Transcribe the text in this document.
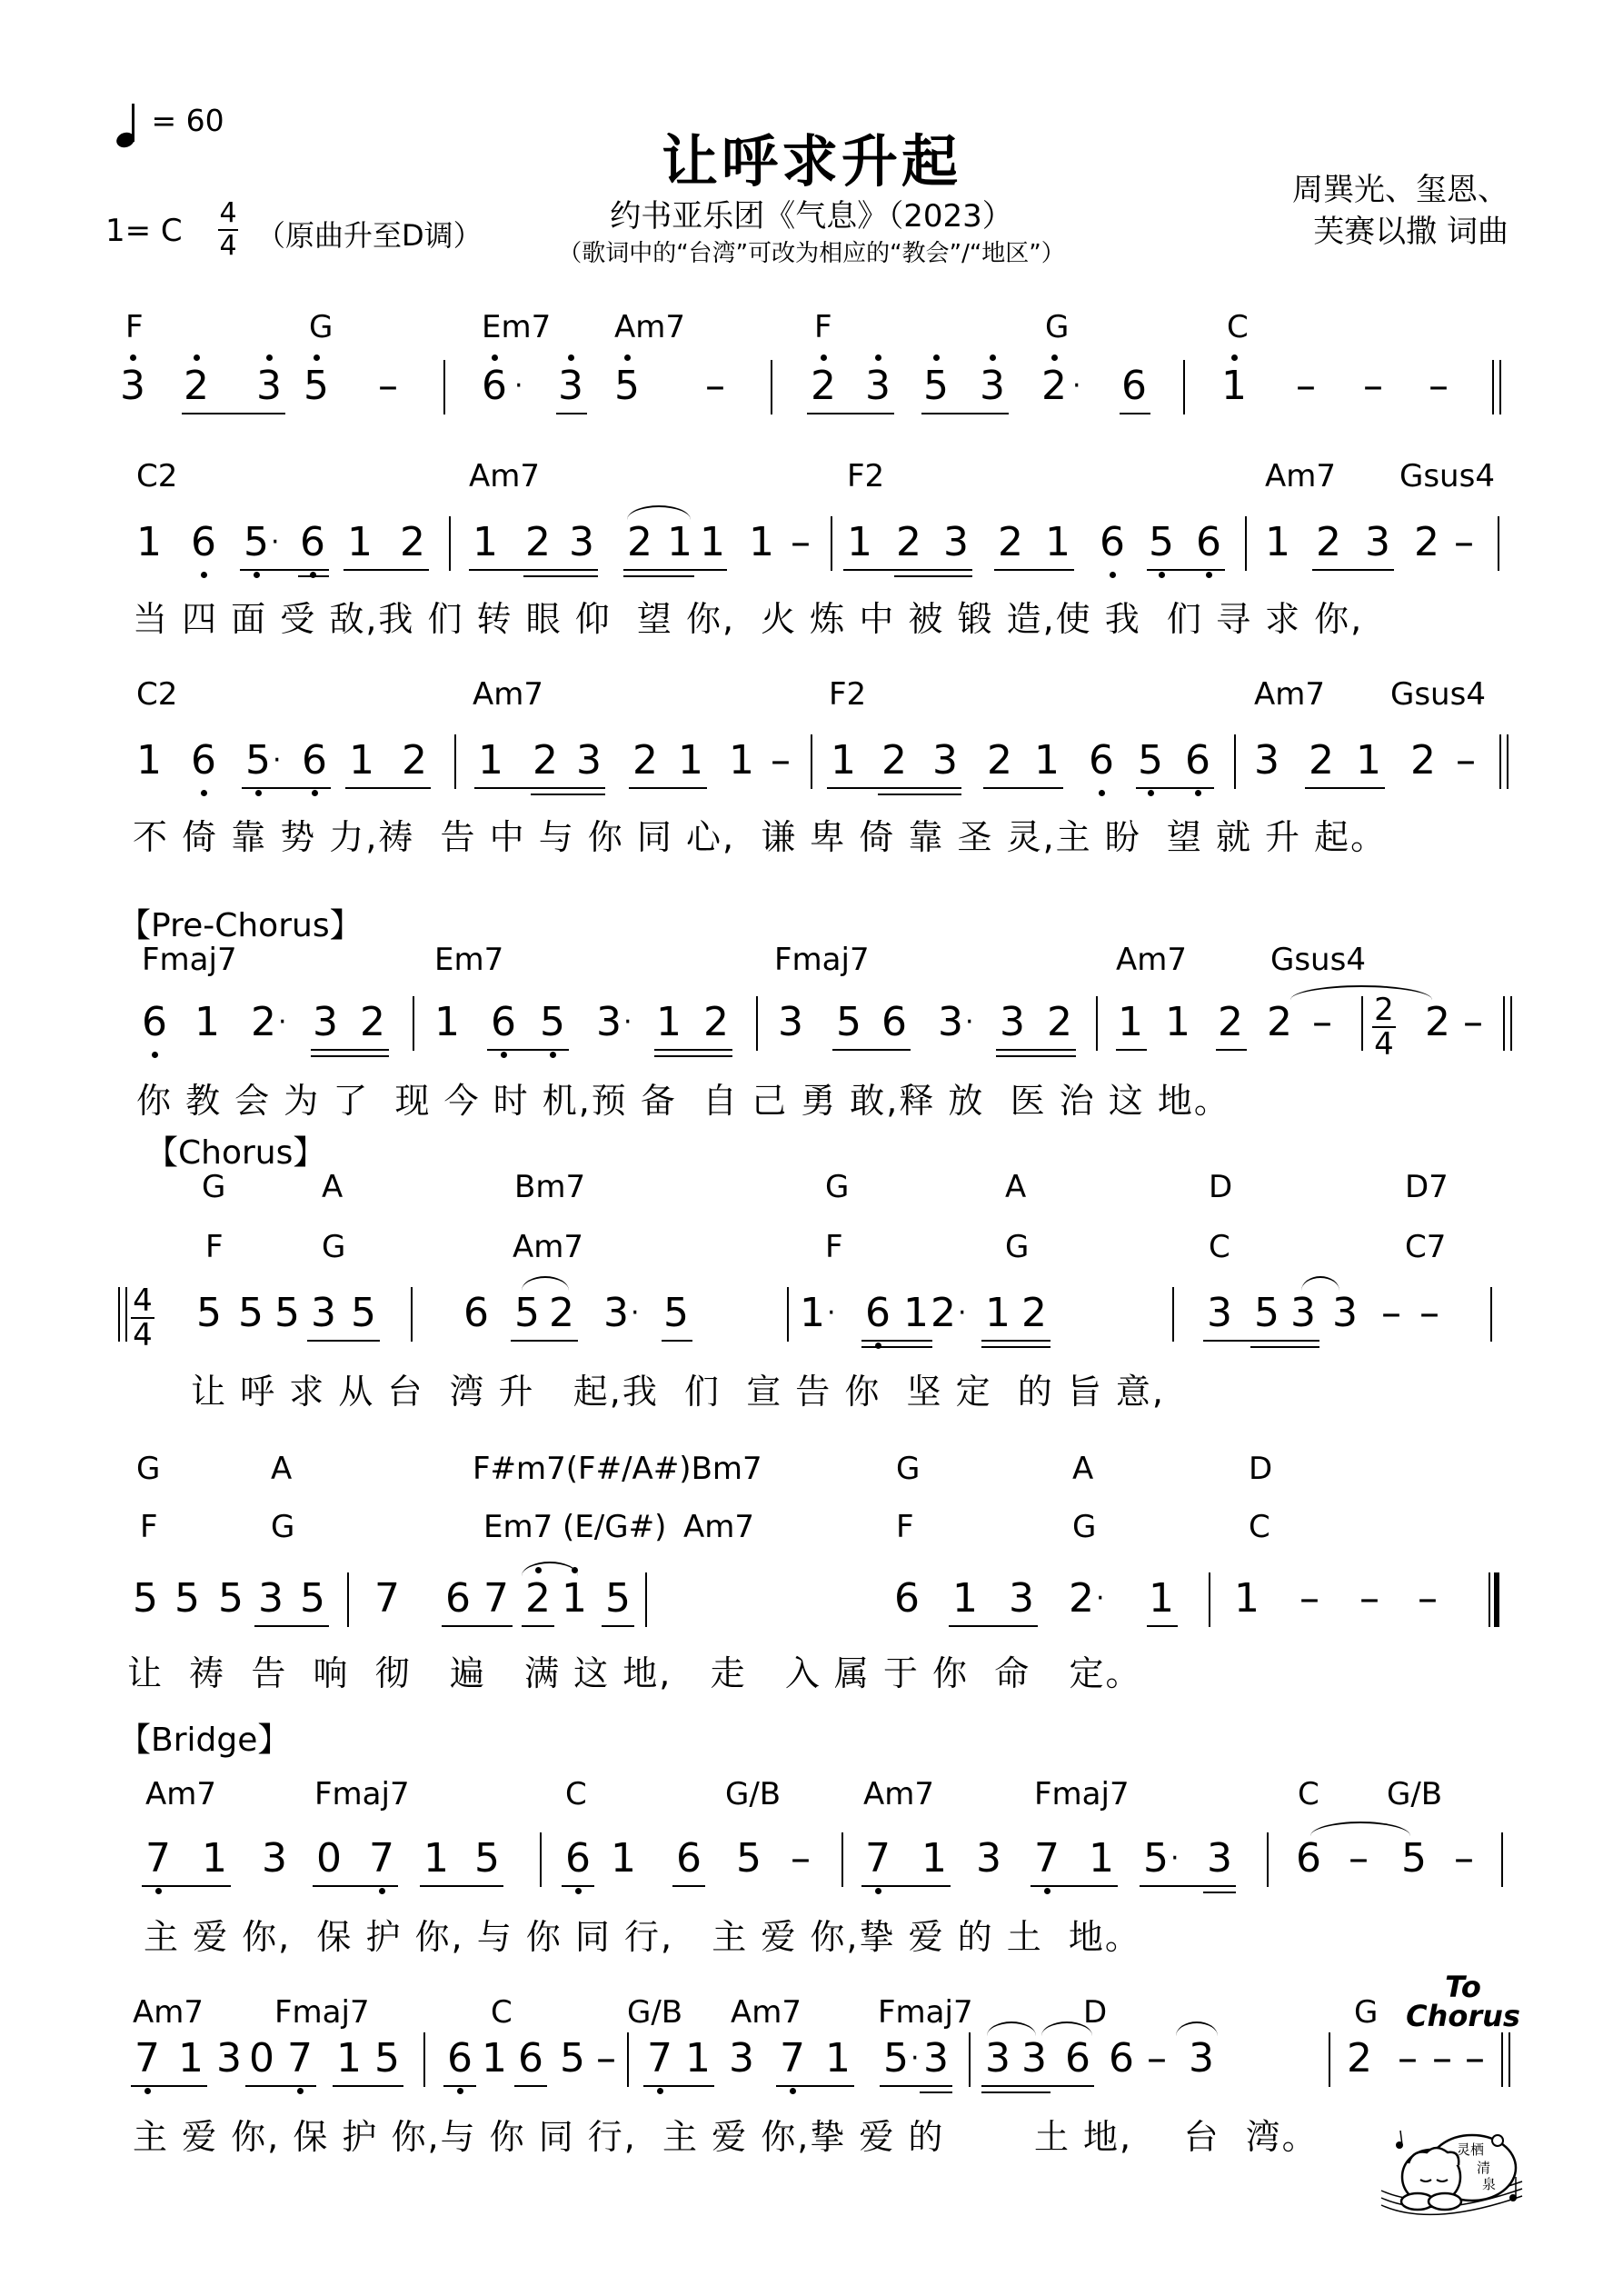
= 60
让呼求升起
1= C 4
4 （原曲升至D调）
约书亚乐团《气息》（2023）
（歌词中的“台湾”可改为相应的“教会”/“地区”）
周巽光、玺恩、
芙赛以撒 词曲
F	G	Em7 Am7	F	G	C
3 2 3 5 – 6 · 3 5 – 2 3 5 3 2 · 6 1 – – –
C2	Am7	F2	Am7 Gsus4
1 6 5 · 6 1 2 1 2 3 2 1 1 1 – 1 2 3 2 1 6 5 6 1 2 3 2 –
当 四 面 受 敌,我 们 转 眼 仰  望 你,  火 炼 中 被 锻 造,使 我  们 寻 求 你,
C2	Am7	F2	Am7 Gsus4
1 6 5 · 6 1 2 1 2 3 2 1 1 – 1 2 3 2 1 6 5 6 3 2 1 2 –
不 倚 靠 势 力,祷  告 中 与 你 同 心,  谦 卑 倚 靠 圣 灵,主 盼  望 就 升 起。
【Pre-Chorus】
Fmaj7	Em7	Fmaj7	Am7	Gsus4
6 1 2 · 3 2 1 6 5 3 · 1 2 3 5 6 3 · 3 2 1 1 2 2 – 2
4 2 –
你 教 会 为 了  现 今 时 机,预 备  自 己 勇 敢,释 放  医 治 这 地。
【Chorus】
G	A	Bm7	G	A	D	D7
F	G	Am7	F	G	C	C7
4
4 5 5 5 3 5 6 5 2 3 · 5	1 · 6 1 2 · 1 2	3 5 3 3 – –
让 呼 求 从 台  湾 升   起,我  们  宣 告 你  坚 定  的 旨 意,
G	A	F#m7(F#/A#)Bm7	G	A	D
F	G	Em7 (E/G#) Am7	F	G	C
5 5 5 3 5 7 6 7 2 1 5	6 1 3 2 · 1 1 – – –
让  祷  告  响  彻   遍   满 这 地,   走   入 属 于 你  命   定。
【Bridge】
Am7	Fmaj7	C	G/B	Am7	Fmaj7	C G/B
7 1 3 0 7 1 5 6 1 6 5 – 7 1 3 7 1 5 · 3 6 – 5 –
主 爱 你,  保 护 你, 与 你 同 行,   主 爱 你,挚 爱 的 土  地。
Am7 Fmaj7	C	G/B Am7 Fmaj7	D	G
7 1 3 0 7 1 5 6 1 6 5 – 7 1 3 7 1 5 · 3 3 3 6 6 – 3	2 – – –
To Chorus
主 爱 你, 保 护 你,与 你 同 行,  主 爱 你,挚 爱 的       土 地,    台  湾。	灵栖
清
泉
